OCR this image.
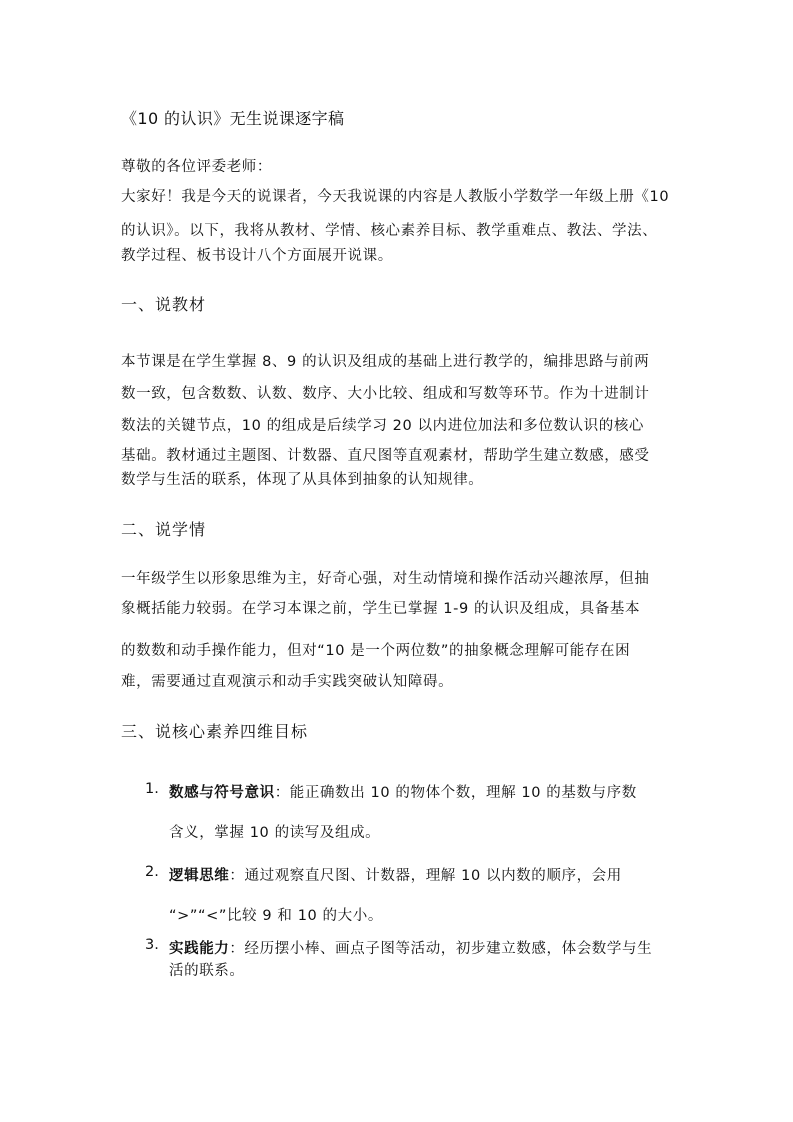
《10 的认识》无生说课逐字稿
尊敬的各位评委老师：
大家好！我是今天的说课者，今天我说课的内容是人教版小学数学一年级上册《10
的认识》。以下，我将从教材、学情、核心素养目标、教学重难点、教法、学法、
教学过程、板书设计八个方面展开说课。
一、说教材
本节课是在学生掌握 8、9 的认识及组成的基础上进行教学的，编排思路与前两
数一致，包含数数、认数、数序、大小比较、组成和写数等环节。作为十进制计
数法的关键节点，10 的组成是后续学习 20 以内进位加法和多位数认识的核心
基础。教材通过主题图、计数器、直尺图等直观素材，帮助学生建立数感，感受
数学与生活的联系，体现了从具体到抽象的认知规律。
二、说学情
一年级学生以形象思维为主，好奇心强，对生动情境和操作活动兴趣浓厚，但抽
象概括能力较弱。在学习本课之前，学生已掌握 1-9 的认识及组成，具备基本
的数数和动手操作能力，但对“10 是一个两位数”的抽象概念理解可能存在困
难，需要通过直观演示和动手实践突破认知障碍。
三、说核心素养四维目标
1. 数感与符号意识：能正确数出 10 的物体个数，理解 10 的基数与序数
含义，掌握 10 的读写及组成。
2. 逻辑思维：通过观察直尺图、计数器，理解 10 以内数的顺序，会用
“>”“<”比较 9 和 10 的大小。
3. 实践能力：经历摆小棒、画点子图等活动，初步建立数感，体会数学与生
活的联系。
